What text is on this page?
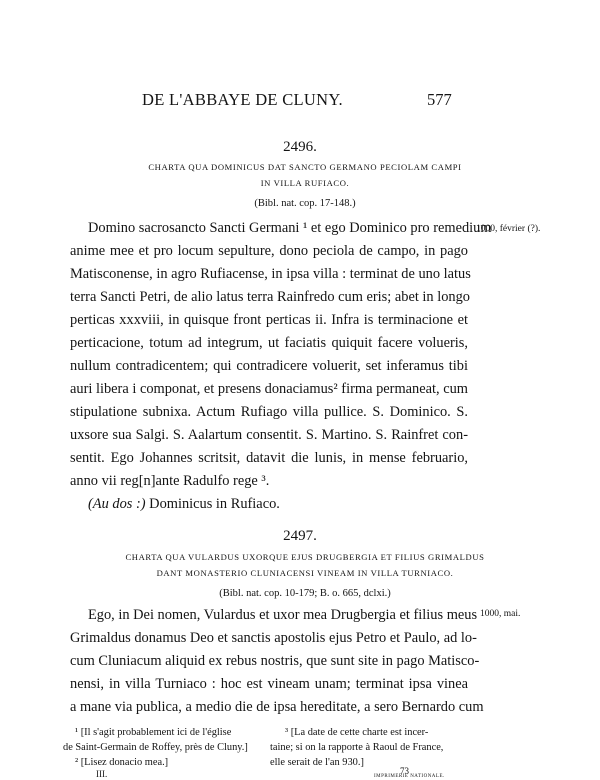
DE L'ABBAYE DE CLUNY.	577
2496.
CHARTA QUA DOMINICUS DAT SANCTO GERMANO PECIOLAM CAMPI
IN VILLA RUFIACO.
(Bibl. nat. cop. 17-148.)
1000, février (?).
Domino sacrosancto Sancti Germani ¹ et ego Dominico pro remedium
anime mee et pro locum sepulture, dono peciola de campo, in pago
Matisconense, in agro Rufiacense, in ipsa villa : terminat de uno latus
terra Sancti Petri, de alio latus terra Rainfredo cum eris; abet in longo
perticas xxxviii, in quisque front perticas ii. Infra is terminacione et
perticacione, totum ad integrum, ut faciatis quiquit facere volueris,
nullum contradicentem; qui contradicere voluerit, set inferamus tibi
auri libera i componat, et presens donaciamus² firma permaneat, cum
stipulatione subnixa. Actum Rufiago villa pullice. S. Dominico. S.
uxsore sua Salgi. S. Aalartum consentit. S. Martino. S. Rainfret con-
sentit. Ego Johannes scritsit, datavit die lunis, in mense februario,
anno vii reg[n]ante Radulfo rege ³.
(Au dos :) Dominicus in Rufiaco.
2497.
CHARTA QUA VULARDUS UXORQUE EJUS DRUGBERGIA ET FILIUS GRIMALDUS
DANT MONASTERIO CLUNIACENSI VINEAM IN VILLA TURNIACO.
(Bibl. nat. cop. 10-179; B. o. 665, dclxi.)
1000, mai.
Ego, in Dei nomen, Vulardus et uxor mea Drugbergia et filius meus
Grimaldus donamus Deo et sanctis apostolis ejus Petro et Paulo, ad lo-
cum Cluniacum aliquid ex rebus nostris, que sunt site in pago Matisco-
nensi, in villa Turniaco : hoc est vineam unam; terminat ipsa vinea
a mane via publica, a medio die de ipsa hereditate, a sero Bernardo cum
¹ [Il s'agit probablement ici de l'église
de Saint-Germain de Roffey, près de Cluny.]
² [Lisez donacio mea.]
³ [La date de cette charte est incer-
taine; si on la rapporte à Raoul de France,
elle serait de l'an 930.]
III.	73
IMPRIMERIE NATIONALE.
